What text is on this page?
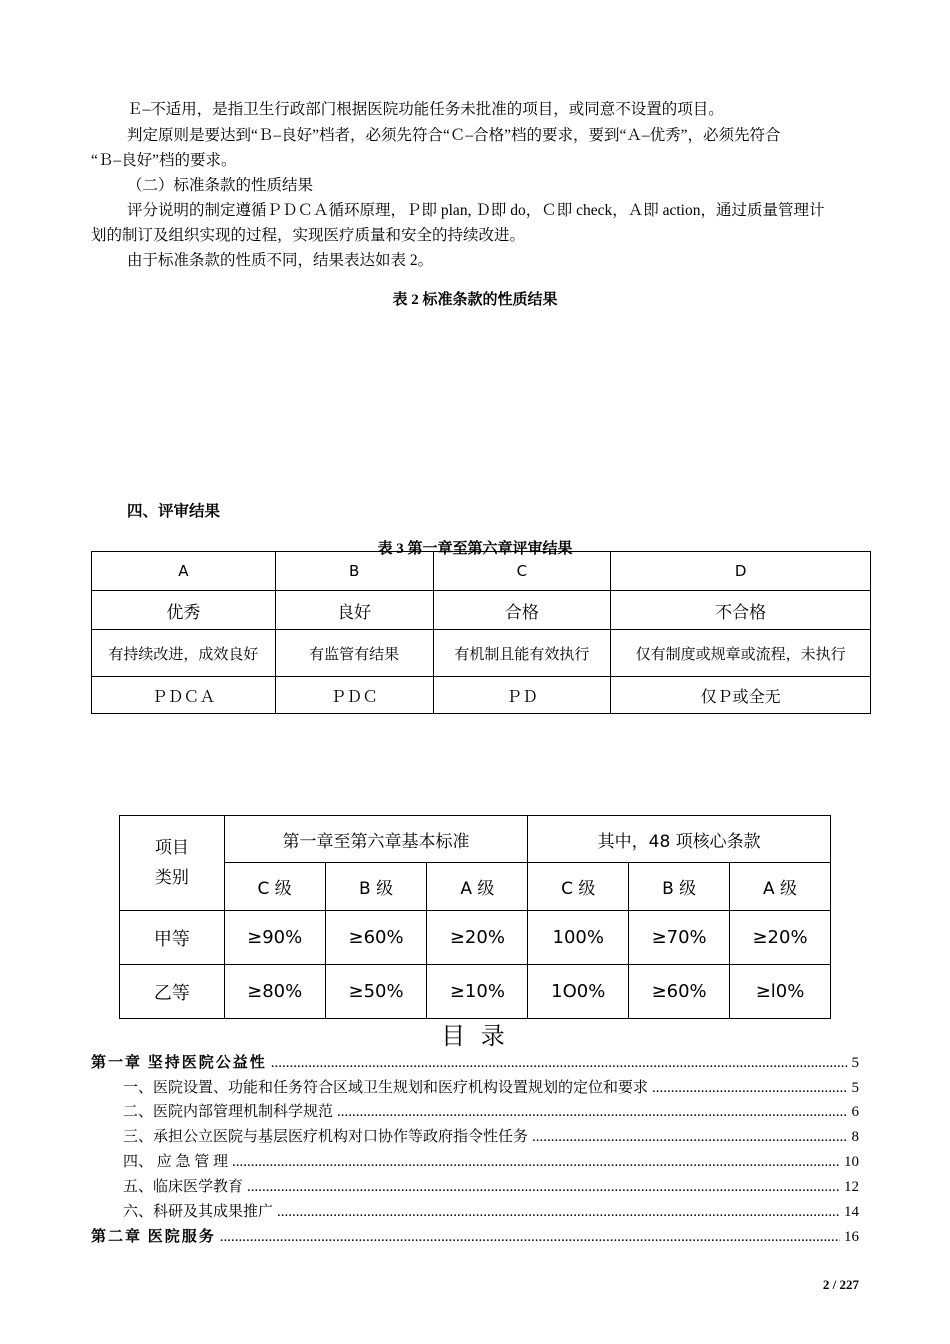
Ｅ–不适用，是指卫生行政部门根据医院功能任务未批准的项目，或同意不设置的项目。
判定原则是要达到“Ｂ–良好”档者，必须先符合“Ｃ–合格”档的要求，要到“Ａ–优秀”，必须先符合
“Ｂ–良好”档的要求。
（二）标准条款的性质结果
评分说明的制定遵循ＰＤＣＡ循环原理，Ｐ即 plan, Ｄ即 do，Ｃ即 check，Ａ即 action，通过质量管理计
划的制订及组织实现的过程，实现医疗质量和安全的持续改进。
由于标准条款的性质不同，结果表达如表 2。
表 2 标准条款的性质结果
四、评审结果
表 3 第一章至第六章评审结果
A	B	C	D
优秀	良好	合格	不合格
有持续改进，成效良好	有监管有结果	有机制且能有效执行	仅有制度或规章或流程，未执行
ＰＤＣＡ	ＰＤＣ	ＰＤ	仅Ｐ或全无
项目
类别	第一章至第六章基本标准			其中，48 项核心条款		
	C 级	B 级	A 级	C 级	B 级	A 级
甲等	≥90%	≥60%	≥20%	100%	≥70%	≥20%
乙等	≥80%	≥50%	≥10%	1O0%	≥60%	≥l0%
目 录
第一章 坚持医院公益性 .....	5
一、医院设置、功能和任务符合区域卫生规划和医疗机构设置规划的定位和要求 .....	5
二、医院内部管理机制科学规范 .....	6
三、承担公立医院与基层医疗机构对口协作等政府指令性任务 .....	8
四、 应 急 管 理 .....	10
五、临床医学教育 .....	12
六、科研及其成果推广 .....	14
第二章 医院服务 .....	16
2 / 227
